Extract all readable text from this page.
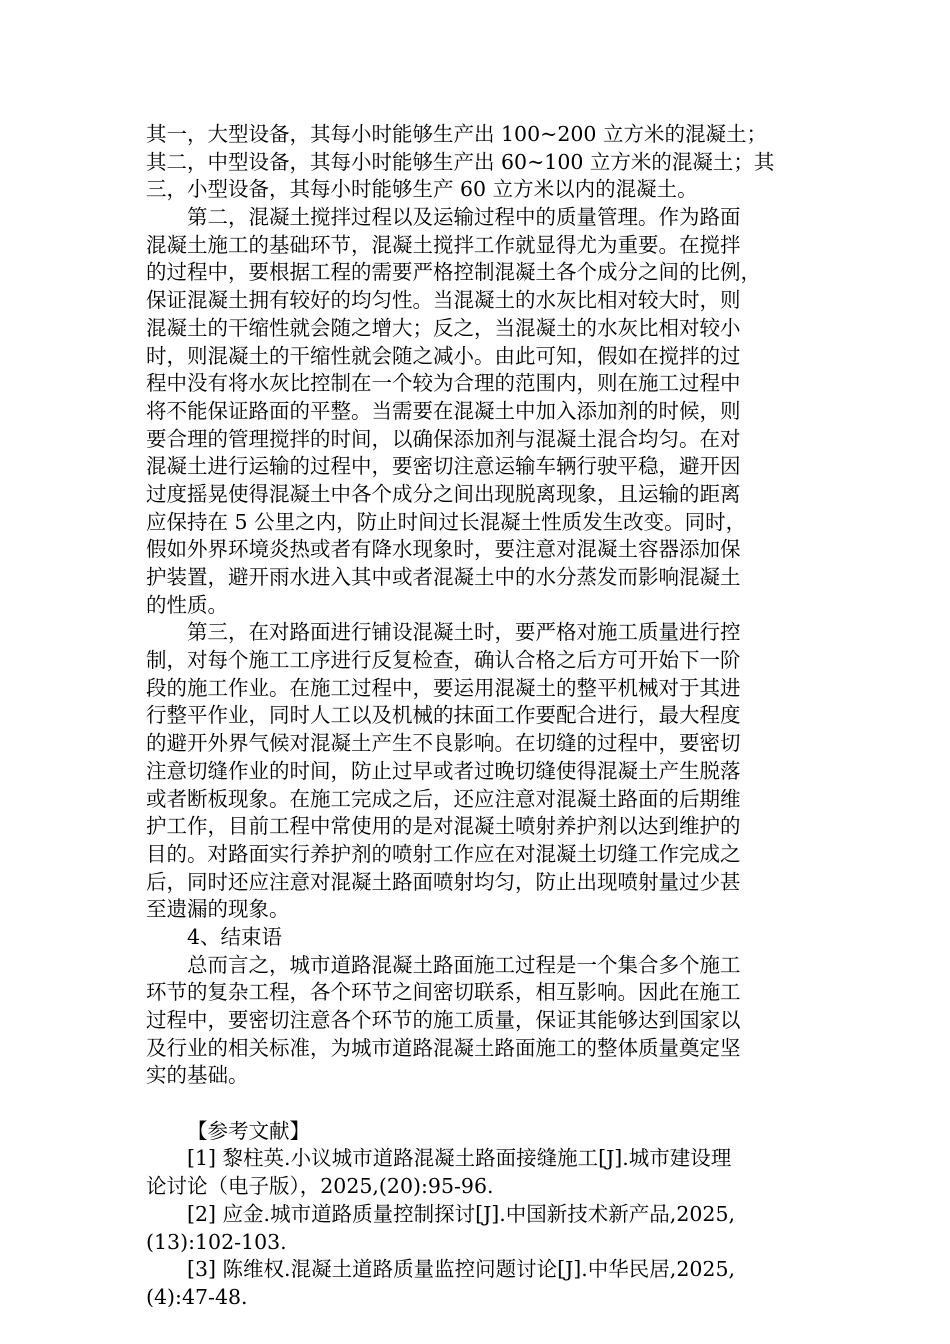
其一，大型设备，其每小时能够生产出 100~200 立方米的混凝土；
其二，中型设备，其每小时能够生产出 60~100 立方米的混凝土；其
三，小型设备，其每小时能够生产 60 立方米以内的混凝土。
第二，混凝土搅拌过程以及运输过程中的质量管理。作为路面
混凝土施工的基础环节，混凝土搅拌工作就显得尤为重要。在搅拌
的过程中，要根据工程的需要严格控制混凝土各个成分之间的比例，
保证混凝土拥有较好的均匀性。当混凝土的水灰比相对较大时，则
混凝土的干缩性就会随之增大；反之，当混凝土的水灰比相对较小
时，则混凝土的干缩性就会随之减小。由此可知，假如在搅拌的过
程中没有将水灰比控制在一个较为合理的范围内，则在施工过程中
将不能保证路面的平整。当需要在混凝土中加入添加剂的时候，则
要合理的管理搅拌的时间，以确保添加剂与混凝土混合均匀。在对
混凝土进行运输的过程中，要密切注意运输车辆行驶平稳，避开因
过度摇晃使得混凝土中各个成分之间出现脱离现象，且运输的距离
应保持在 5 公里之内，防止时间过长混凝土性质发生改变。同时，
假如外界环境炎热或者有降水现象时，要注意对混凝土容器添加保
护装置，避开雨水进入其中或者混凝土中的水分蒸发而影响混凝土
的性质。
第三，在对路面进行铺设混凝土时，要严格对施工质量进行控
制，对每个施工工序进行反复检查，确认合格之后方可开始下一阶
段的施工作业。在施工过程中，要运用混凝土的整平机械对于其进
行整平作业，同时人工以及机械的抹面工作要配合进行，最大程度
的避开外界气候对混凝土产生不良影响。在切缝的过程中，要密切
注意切缝作业的时间，防止过早或者过晚切缝使得混凝土产生脱落
或者断板现象。在施工完成之后，还应注意对混凝土路面的后期维
护工作，目前工程中常使用的是对混凝土喷射养护剂以达到维护的
目的。对路面实行养护剂的喷射工作应在对混凝土切缝工作完成之
后，同时还应注意对混凝土路面喷射均匀，防止出现喷射量过少甚
至遗漏的现象。
4、结束语
总而言之，城市道路混凝土路面施工过程是一个集合多个施工
环节的复杂工程，各个环节之间密切联系，相互影响。因此在施工
过程中，要密切注意各个环节的施工质量，保证其能够达到国家以
及行业的相关标准，为城市道路混凝土路面施工的整体质量奠定坚
实的基础。
【参考文献】
[1] 黎柱英.小议城市道路混凝土路面接缝施工[J].城市建设理
论讨论（电子版），2025,(20):95-96.
[2] 应金.城市道路质量控制探讨[J].中国新技术新产品,2025,
(13):102-103.
[3] 陈维权.混凝土道路质量监控问题讨论[J].中华民居,2025,
(4):47-48.
